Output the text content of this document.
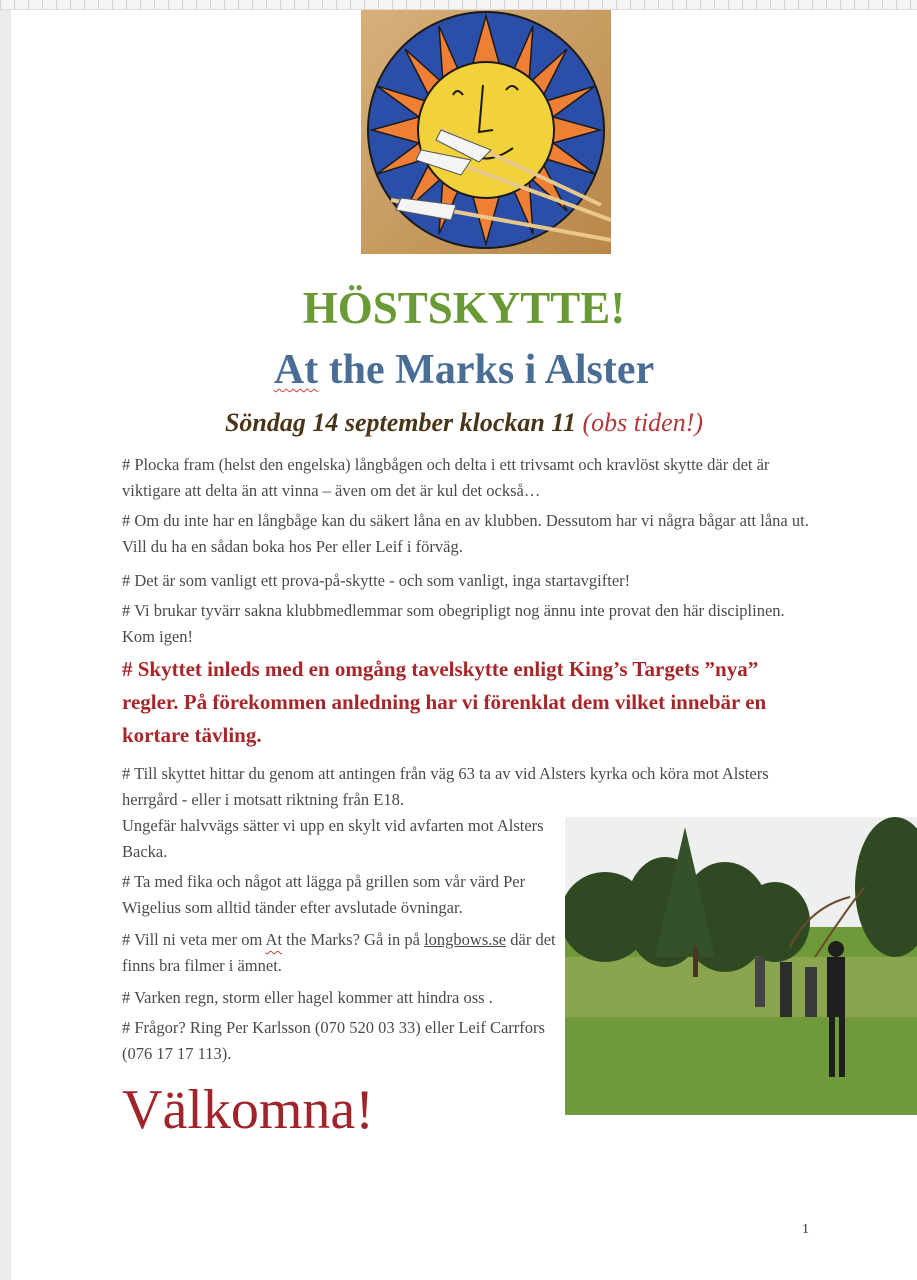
HÖSTSKYTTE!
At the Marks i Alster
Söndag 14 september klockan 11 (obs tiden!)

# Plocka fram (helst den engelska) långbågen och delta i ett trivsamt och kravlöst skytte där det är viktigare att delta än att vinna – även om det är kul det också…

# Om du inte har en långbåge kan du säkert låna en av klubben. Dessutom har vi några bågar att låna ut. Vill du ha en sådan boka hos Per eller Leif i förväg.

# Det är som vanligt ett prova-på-skytte - och som vanligt, inga startavgifter!

# Vi brukar tyvärr sakna klubbmedlemmar som obegripligt nog ännu inte provat den här disciplinen. Kom igen!

# Skyttet inleds med en omgång tavelskytte enligt King’s Targets ”nya” regler. På förekommen anledning har vi förenklat dem vilket innebär en kortare tävling.

# Till skyttet hittar du genom att antingen från väg 63 ta av vid Alsters kyrka och köra mot Alsters herrgård - eller i motsatt riktning från E18.

Ungefär halvvägs sätter vi upp en skylt vid avfarten mot Alsters Backa.

# Ta med fika och något att lägga på grillen som vår värd Per Wigelius som alltid tänder efter avslutade övningar.

# Vill ni veta mer om At the Marks? Gå in på longbows.se där det finns bra filmer i ämnet.

# Varken regn, storm eller hagel kommer att hindra oss .

# Frågor? Ring Per Karlsson (070 520 03 33) eller Leif Carrfors (076 17 17 113).

Välkomna!
1
